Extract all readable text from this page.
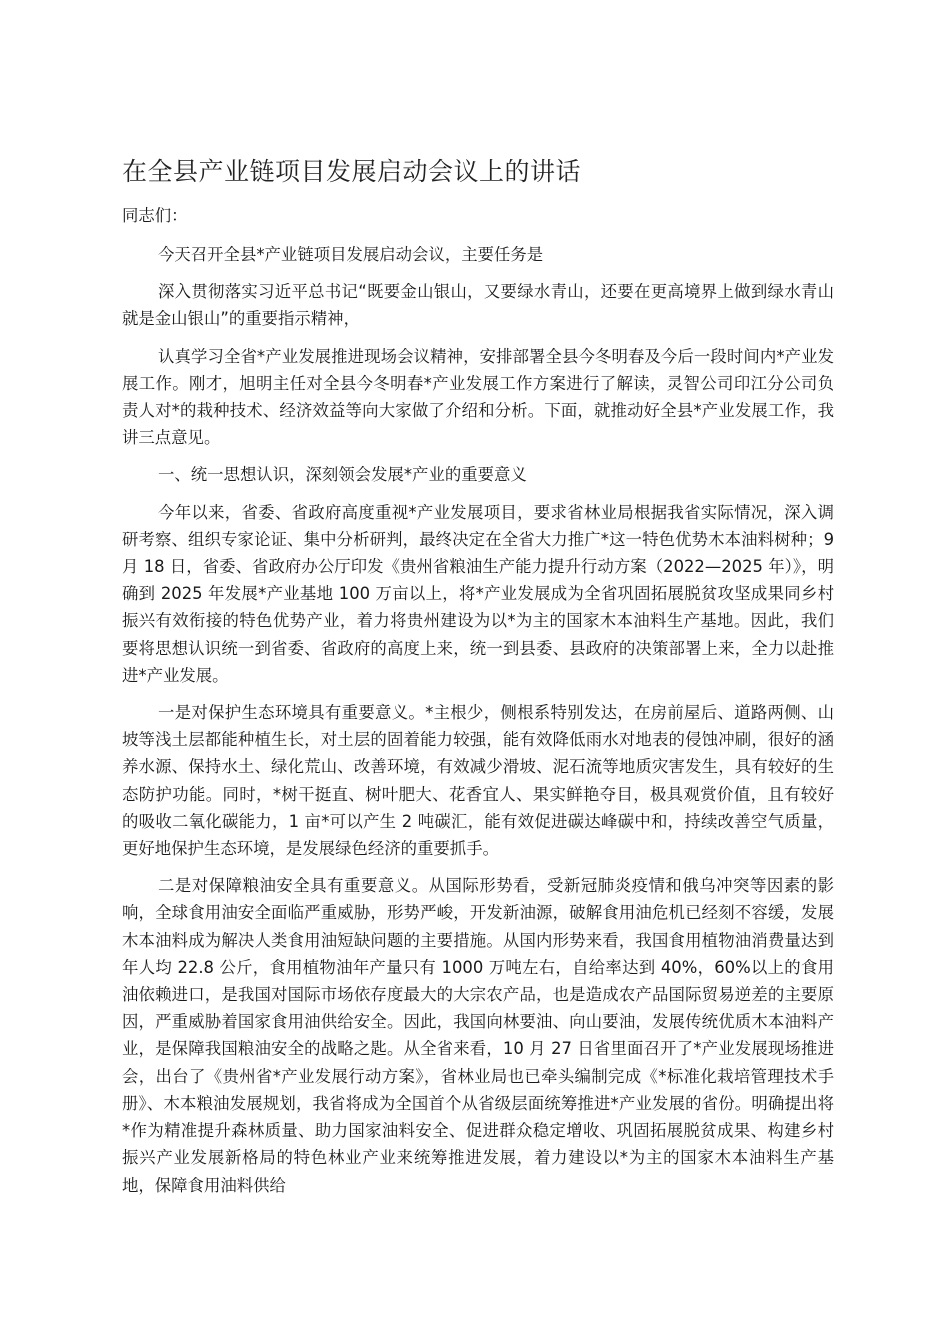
在全县产业链项目发展启动会议上的讲话

同志们：

今天召开全县*产业链项目发展启动会议，主要任务是

深入贯彻落实习近平总书记“既要金山银山，又要绿水青山，还要在更高境界上做到绿水青山就是金山银山”的重要指示精神，

认真学习全省*产业发展推进现场会议精神，安排部署全县今冬明春及今后一段时间内*产业发展工作。刚才，旭明主任对全县今冬明春*产业发展工作方案进行了解读，灵智公司印江分公司负责人对*的栽种技术、经济效益等向大家做了介绍和分析。下面，就推动好全县*产业发展工作，我讲三点意见。

一、统一思想认识，深刻领会发展*产业的重要意义

今年以来，省委、省政府高度重视*产业发展项目，要求省林业局根据我省实际情况，深入调研考察、组织专家论证、集中分析研判，最终决定在全省大力推广*这一特色优势木本油料树种；9 月 18 日，省委、省政府办公厅印发《贵州省粮油生产能力提升行动方案（2022—2025 年）》，明确到 2025 年发展*产业基地 100 万亩以上，将*产业发展成为全省巩固拓展脱贫攻坚成果同乡村振兴有效衔接的特色优势产业，着力将贵州建设为以*为主的国家木本油料生产基地。因此，我们要将思想认识统一到省委、省政府的高度上来，统一到县委、县政府的决策部署上来，全力以赴推进*产业发展。

一是对保护生态环境具有重要意义。*主根少，侧根系特别发达，在房前屋后、道路两侧、山坡等浅土层都能种植生长，对土层的固着能力较强，能有效降低雨水对地表的侵蚀冲刷，很好的涵养水源、保持水土、绿化荒山、改善环境，有效减少滑坡、泥石流等地质灾害发生，具有较好的生态防护功能。同时，*树干挺直、树叶肥大、花香宜人、果实鲜艳夺目，极具观赏价值，且有较好的吸收二氧化碳能力，1 亩*可以产生 2 吨碳汇，能有效促进碳达峰碳中和，持续改善空气质量，更好地保护生态环境，是发展绿色经济的重要抓手。

二是对保障粮油安全具有重要意义。从国际形势看，受新冠肺炎疫情和俄乌冲突等因素的影响，全球食用油安全面临严重威胁，形势严峻，开发新油源，破解食用油危机已经刻不容缓，发展木本油料成为解决人类食用油短缺问题的主要措施。从国内形势来看，我国食用植物油消费量达到年人均 22.8 公斤，食用植物油年产量只有 1000 万吨左右，自给率达到 40%，60%以上的食用油依赖进口，是我国对国际市场依存度最大的大宗农产品，也是造成农产品国际贸易逆差的主要原因，严重威胁着国家食用油供给安全。因此，我国向林要油、向山要油，发展传统优质木本油料产业，是保障我国粮油安全的战略之匙。从全省来看，10 月 27 日省里面召开了*产业发展现场推进会，出台了《贵州省*产业发展行动方案》，省林业局也已牵头编制完成《*标准化栽培管理技术手册》、木本粮油发展规划，我省将成为全国首个从省级层面统筹推进*产业发展的省份。明确提出将*作为精准提升森林质量、助力国家油料安全、促进群众稳定增收、巩固拓展脱贫成果、构建乡村振兴产业发展新格局的特色林业产业来统筹推进发展，着力建设以*为主的国家木本油料生产基地，保障食用油料供给
